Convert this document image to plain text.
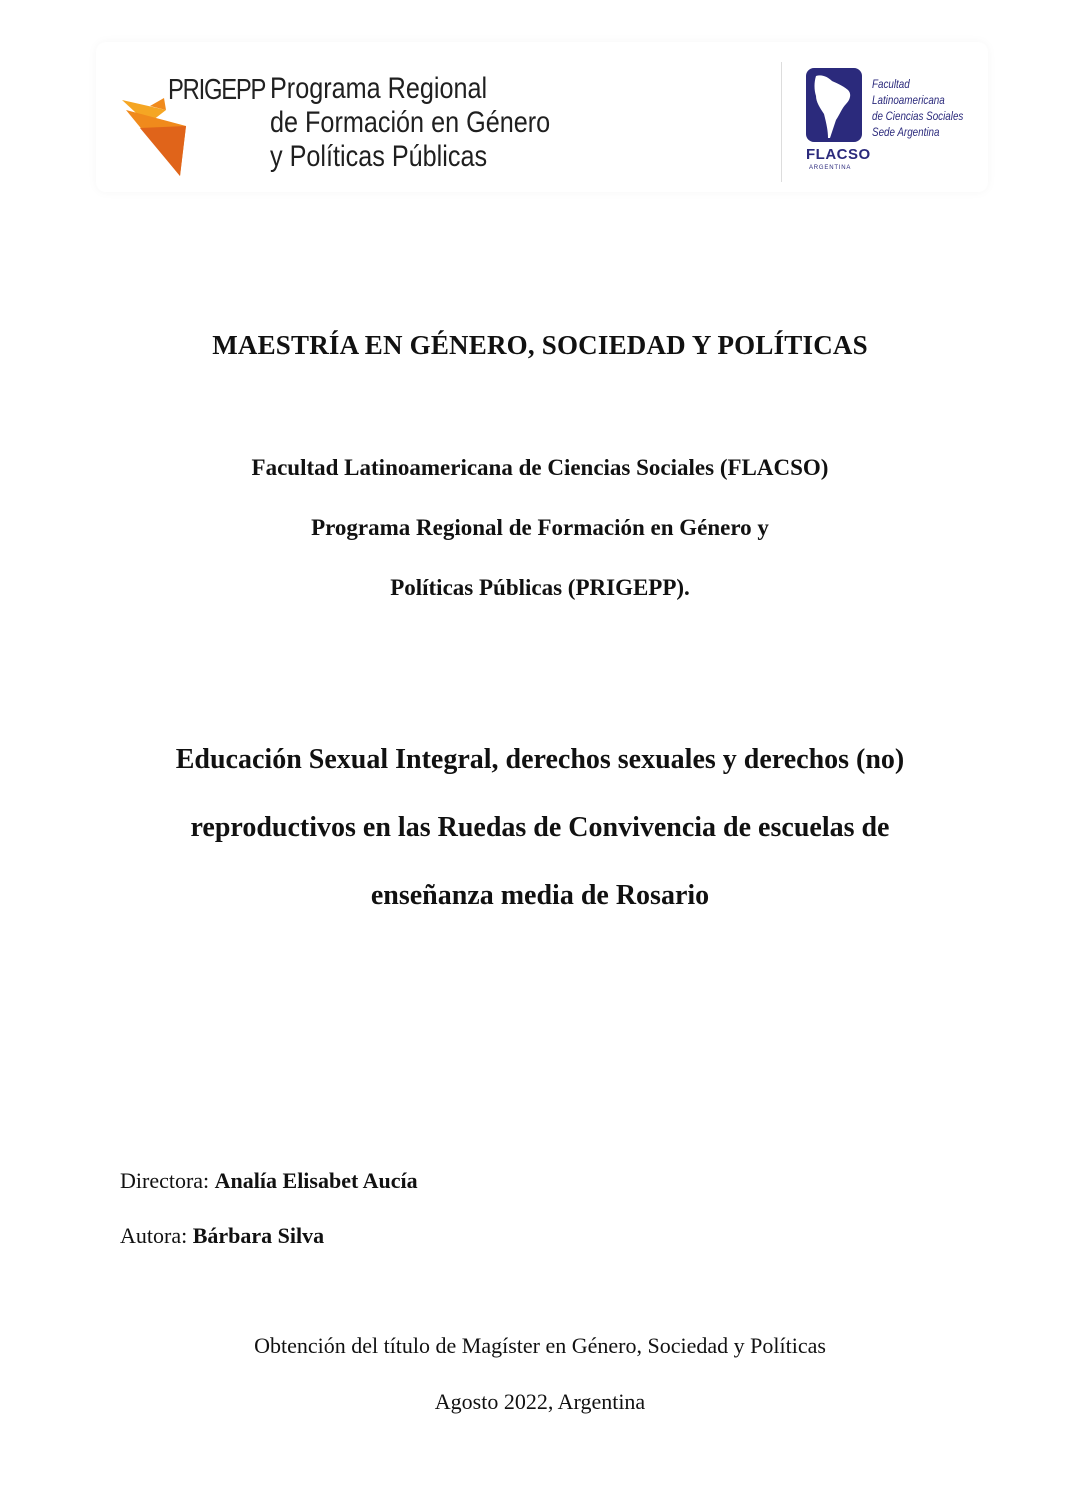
PRIGEPP Programa Regional
de Formación en Género
y Políticas Públicas	FLACSO
ARGENTINA
Facultad
Latinoamericana
de Ciencias Sociales
Sede Argentina
MAESTRÍA EN GÉNERO, SOCIEDAD Y POLÍTICAS
Facultad Latinoamericana de Ciencias Sociales (FLACSO)
Programa Regional de Formación en Género y
Políticas Públicas (PRIGEPP).
Educación Sexual Integral, derechos sexuales y derechos (no)
reproductivos en las Ruedas de Convivencia de escuelas de
enseñanza media de Rosario
Directora: Analía Elisabet Aucía
Autora: Bárbara Silva
Obtención del título de Magíster en Género, Sociedad y Políticas
Agosto 2022, Argentina
